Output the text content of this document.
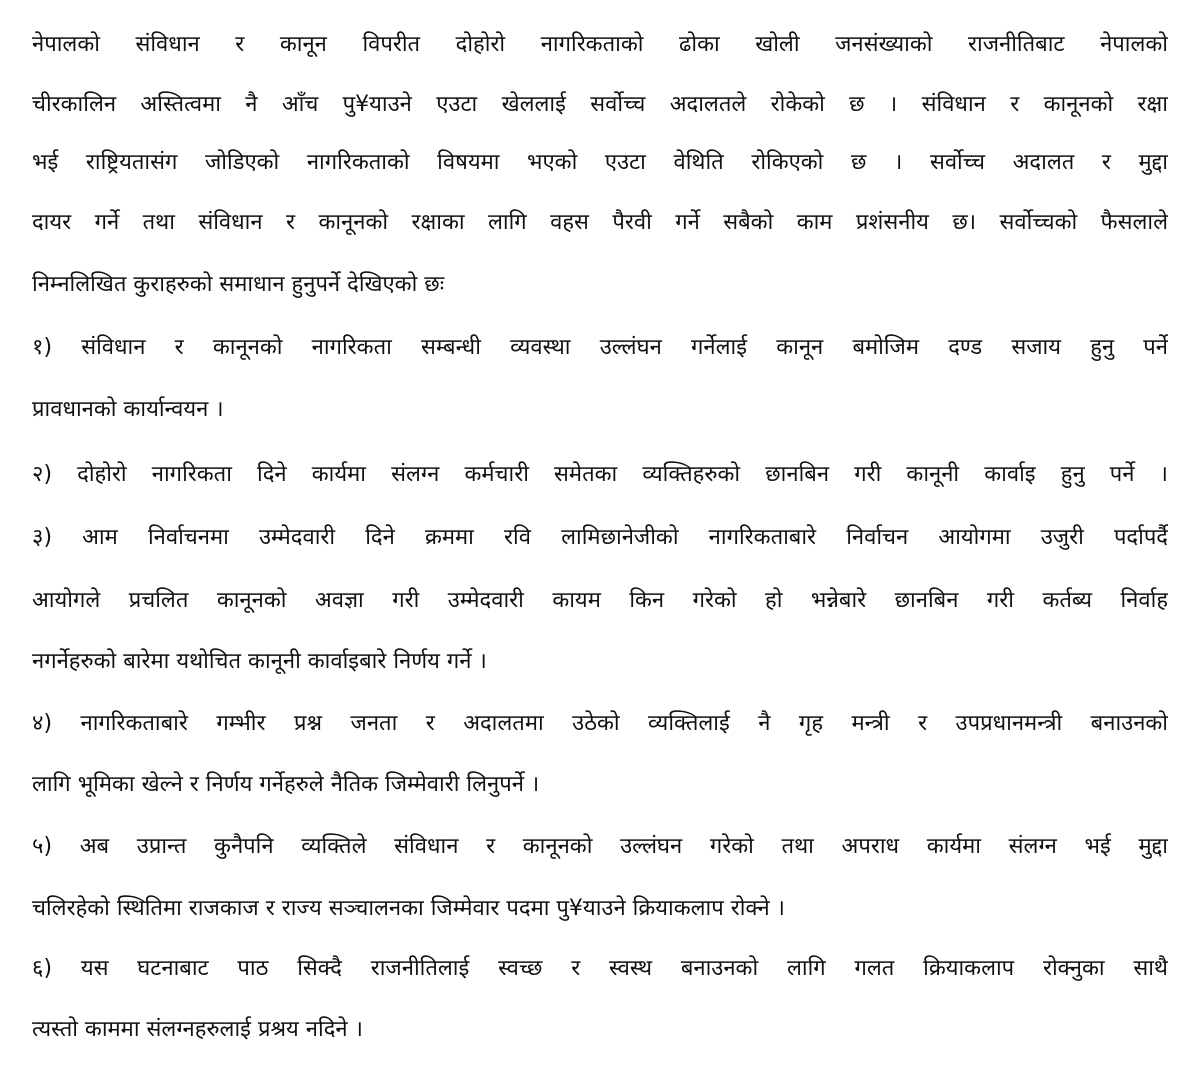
नेपालको संविधान र कानून विपरीत दोहोरो नागरिकताको ढोका खोली जनसंख्याको राजनीतिबाट नेपालको
चीरकालिन अस्तित्वमा नै आँच पु¥याउने एउटा खेललाई सर्वोच्च अदालतले रोकेको छ । संविधान र कानूनको रक्षा
भई राष्ट्रियतासंग जोडिएको नागरिकताको विषयमा भएको एउटा वेथिति रोकिएको छ । सर्वोच्च अदालत र मुद्दा
दायर गर्ने तथा संविधान र कानूनको रक्षाका लागि वहस पैरवी गर्ने सबैको काम प्रशंसनीय छ। सर्वोच्चको फैसलाले
निम्नलिखित कुराहरुको समाधान हुनुपर्ने देखिएको छः
१) संविधान र कानूनको नागरिकता सम्बन्धी व्यवस्था उल्लंघन गर्नेलाई कानून बमोजिम दण्ड सजाय हुनु पर्ने
प्रावधानको कार्यान्वयन ।
२) दोहोरो नागरिकता दिने कार्यमा संलग्न कर्मचारी समेतका व्यक्तिहरुको छानबिन गरी कानूनी कार्वाइ हुनु पर्ने ।
३) आम निर्वाचनमा उम्मेदवारी दिने क्रममा रवि लामिछानेजीको नागरिकताबारे निर्वाचन आयोगमा उजुरी पर्दापर्दै
आयोगले प्रचलित कानूनको अवज्ञा गरी उम्मेदवारी कायम किन गरेको हो भन्नेबारे छानबिन गरी कर्तब्य निर्वाह
नगर्नेहरुको बारेमा यथोचित कानूनी कार्वाइबारे निर्णय गर्ने ।
४) नागरिकताबारे गम्भीर प्रश्न जनता र अदालतमा उठेको व्यक्तिलाई नै गृह मन्त्री र उपप्रधानमन्त्री बनाउनको
लागि भूमिका खेल्ने र निर्णय गर्नेहरुले नैतिक जिम्मेवारी लिनुपर्ने ।
५) अब उप्रान्त कुनैपनि व्यक्तिले संविधान र कानूनको उल्लंघन गरेको तथा अपराध कार्यमा संलग्न भई मुद्दा
चलिरहेको स्थितिमा राजकाज र राज्य सञ्चालनका जिम्मेवार पदमा पु¥याउने क्रियाकलाप रोक्ने ।
६) यस घटनाबाट पाठ सिक्दै राजनीतिलाई स्वच्छ र स्वस्थ बनाउनको लागि गलत क्रियाकलाप रोक्नुका साथै
त्यस्तो काममा संलग्नहरुलाई प्रश्रय नदिने ।
